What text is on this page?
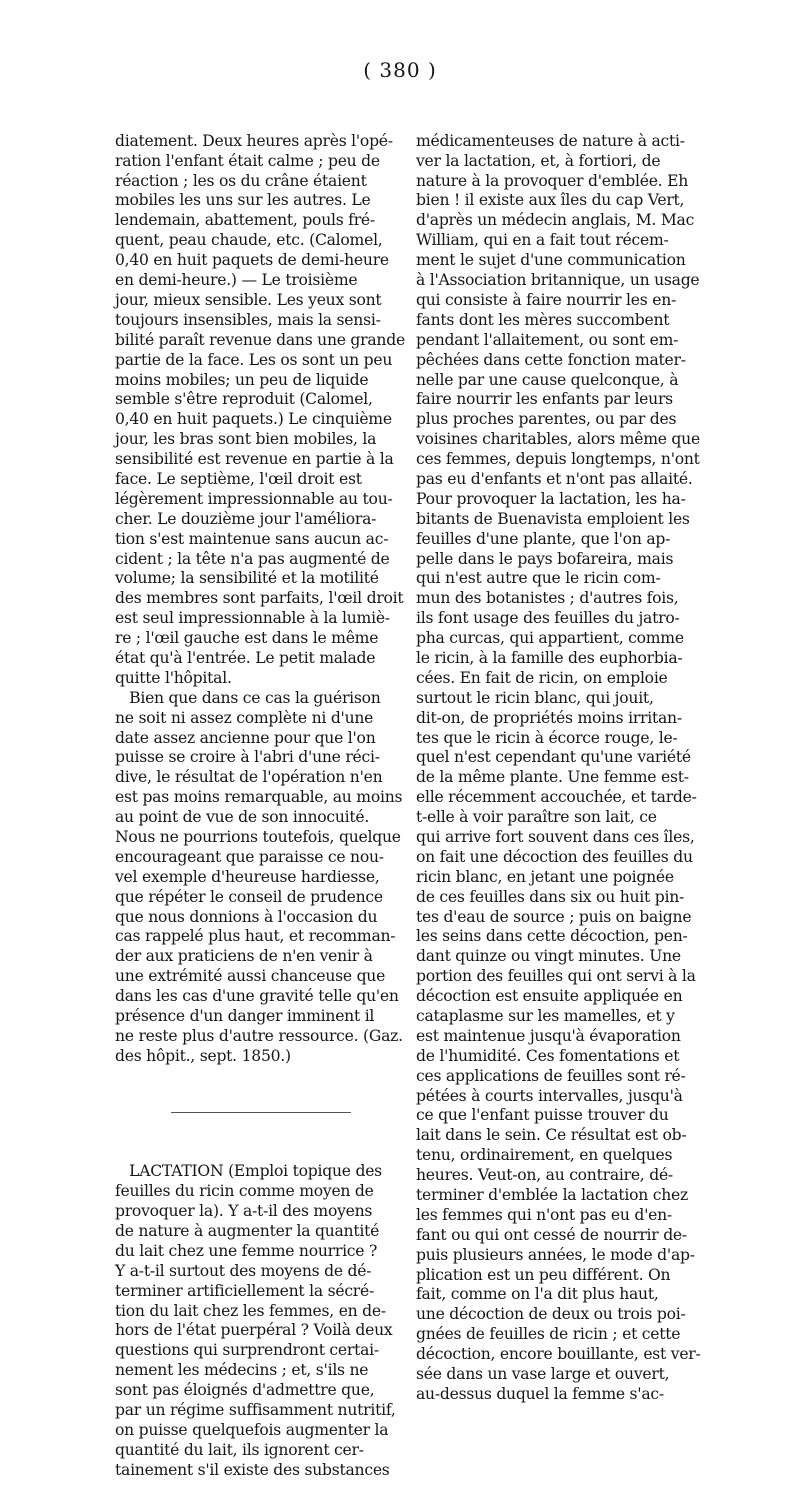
( 380 )

diatement. Deux heures après l'opé-
ration l'enfant était calme ; peu de
réaction ; les os du crâne étaient
mobiles les uns sur les autres. Le
lendemain, abattement, pouls fré-
quent, peau chaude, etc. (Calomel,
0,40 en huit paquets de demi-heure
en demi-heure.) — Le troisième
jour, mieux sensible. Les yeux sont
toujours insensibles, mais la sensi-
bilité paraît revenue dans une grande
partie de la face. Les os sont un peu
moins mobiles; un peu de liquide
semble s'être reproduit (Calomel,
0,40 en huit paquets.) Le cinquième
jour, les bras sont bien mobiles, la
sensibilité est revenue en partie à la
face. Le septième, l'œil droit est
légèrement impressionnable au tou-
cher. Le douzième jour l'améliora-
tion s'est maintenue sans aucun ac-
cident ; la tête n'a pas augmenté de
volume; la sensibilité et la motilité
des membres sont parfaits, l'œil droit
est seul impressionnable à la lumiè-
re ; l'œil gauche est dans le même
état qu'à l'entrée. Le petit malade
quitte l'hôpital.
Bien que dans ce cas la guérison
ne soit ni assez complète ni d'une
date assez ancienne pour que l'on
puisse se croire à l'abri d'une réci-
dive, le résultat de l'opération n'en
est pas moins remarquable, au moins
au point de vue de son innocuité.
Nous ne pourrions toutefois, quelque
encourageant que paraisse ce nou-
vel exemple d'heureuse hardiesse,
que répéter le conseil de prudence
que nous donnions à l'occasion du
cas rappelé plus haut, et recomman-
der aux praticiens de n'en venir à
une extrémité aussi chanceuse que
dans les cas d'une gravité telle qu'en
présence d'un danger imminent il
ne reste plus d'autre ressource. (Gaz.
des hôpit., sept. 1850.)

LACTATION (Emploi topique des
feuilles du ricin comme moyen de
provoquer la). Y a-t-il des moyens
de nature à augmenter la quantité
du lait chez une femme nourrice ?
Y a-t-il surtout des moyens de dé-
terminer artificiellement la sécré-
tion du lait chez les femmes, en de-
hors de l'état puerpéral ? Voilà deux
questions qui surprendront certai-
nement les médecins ; et, s'ils ne
sont pas éloignés d'admettre que,
par un régime suffisamment nutritif,
on puisse quelquefois augmenter la
quantité du lait, ils ignorent cer-
tainement s'il existe des substances

médicamenteuses de nature à acti-
ver la lactation, et, à fortiori, de
nature à la provoquer d'emblée. Eh
bien ! il existe aux îles du cap Vert,
d'après un médecin anglais, M. Mac
William, qui en a fait tout récem-
ment le sujet d'une communication
à l'Association britannique, un usage
qui consiste à faire nourrir les en-
fants dont les mères succombent
pendant l'allaitement, ou sont em-
pêchées dans cette fonction mater-
nelle par une cause quelconque, à
faire nourrir les enfants par leurs
plus proches parentes, ou par des
voisines charitables, alors même que
ces femmes, depuis longtemps, n'ont
pas eu d'enfants et n'ont pas allaité.
Pour provoquer la lactation, les ha-
bitants de Buenavista emploient les
feuilles d'une plante, que l'on ap-
pelle dans le pays bofareira, mais
qui n'est autre que le ricin com-
mun des botanistes ; d'autres fois,
ils font usage des feuilles du jatro-
pha curcas, qui appartient, comme
le ricin, à la famille des euphorbia-
cées. En fait de ricin, on emploie
surtout le ricin blanc, qui jouit,
dit-on, de propriétés moins irritan-
tes que le ricin à écorce rouge, le-
quel n'est cependant qu'une variété
de la même plante. Une femme est-
elle récemment accouchée, et tarde-
t-elle à voir paraître son lait, ce
qui arrive fort souvent dans ces îles,
on fait une décoction des feuilles du
ricin blanc, en jetant une poignée
de ces feuilles dans six ou huit pin-
tes d'eau de source ; puis on baigne
les seins dans cette décoction, pen-
dant quinze ou vingt minutes. Une
portion des feuilles qui ont servi à la
décoction est ensuite appliquée en
cataplasme sur les mamelles, et y
est maintenue jusqu'à évaporation
de l'humidité. Ces fomentations et
ces applications de feuilles sont ré-
pétées à courts intervalles, jusqu'à
ce que l'enfant puisse trouver du
lait dans le sein. Ce résultat est ob-
tenu, ordinairement, en quelques
heures. Veut-on, au contraire, dé-
terminer d'emblée la lactation chez
les femmes qui n'ont pas eu d'en-
fant ou qui ont cessé de nourrir de-
puis plusieurs années, le mode d'ap-
plication est un peu différent. On
fait, comme on l'a dit plus haut,
une décoction de deux ou trois poi-
gnées de feuilles de ricin ; et cette
décoction, encore bouillante, est ver-
sée dans un vase large et ouvert,
au-dessus duquel la femme s'ac-
